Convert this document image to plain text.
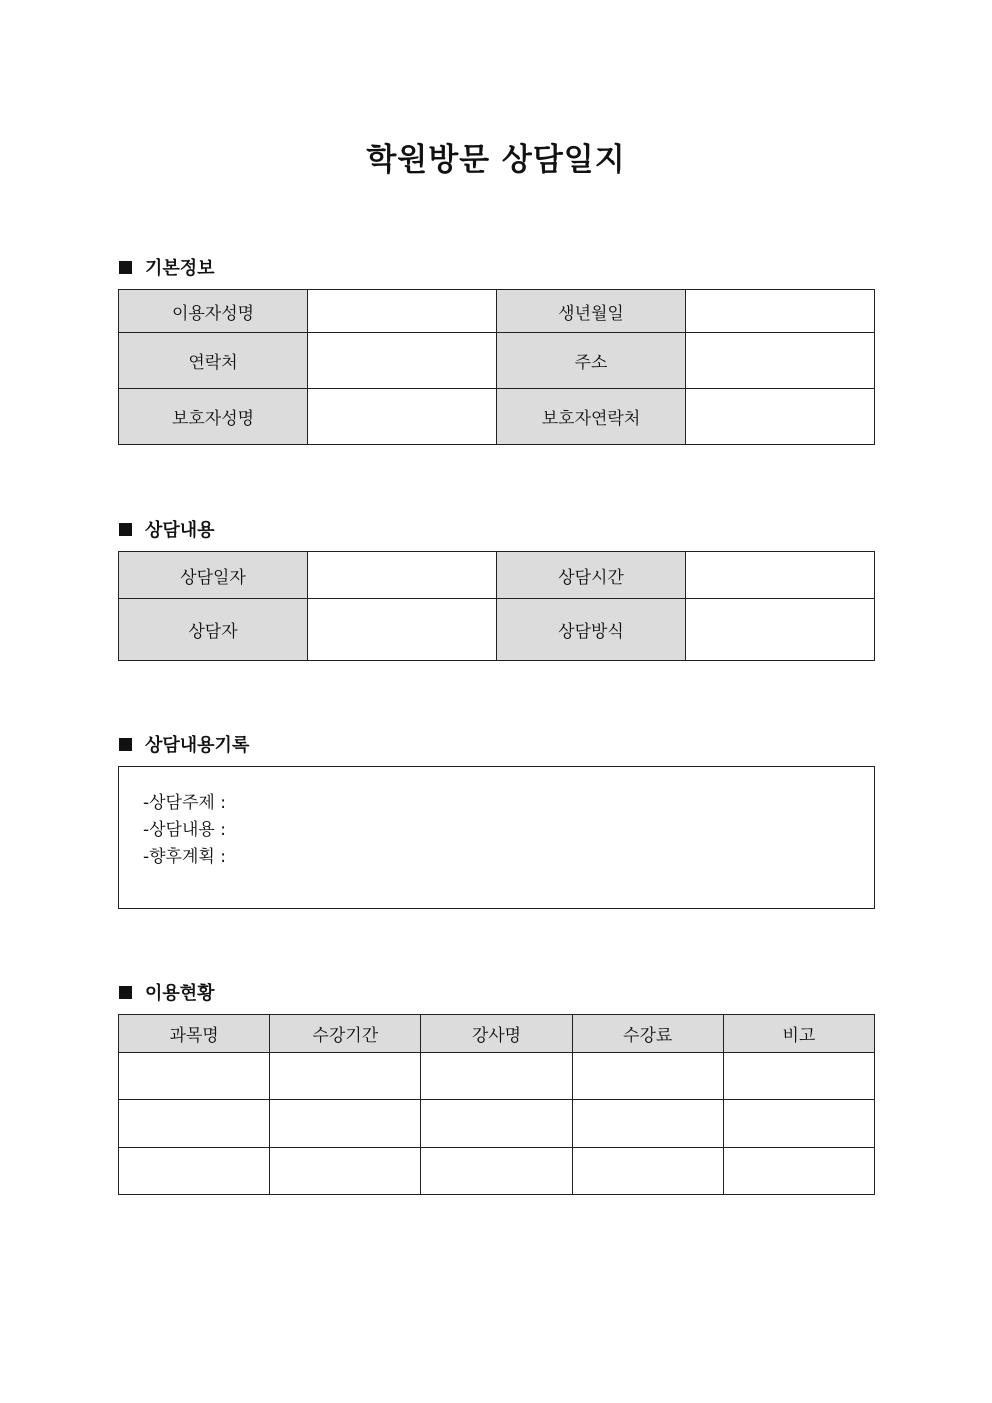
학원방문 상담일지
기본정보
이용자성명		생년월일	
연락처		주소	
보호자성명		보호자연락처	
상담내용
상담일자		상담시간	
상담자		상담방식	
상담내용기록
-상담주제 :
-상담내용 :
-향후계획 :
이용현황
과목명	수강기간	강사명	수강료	비고
